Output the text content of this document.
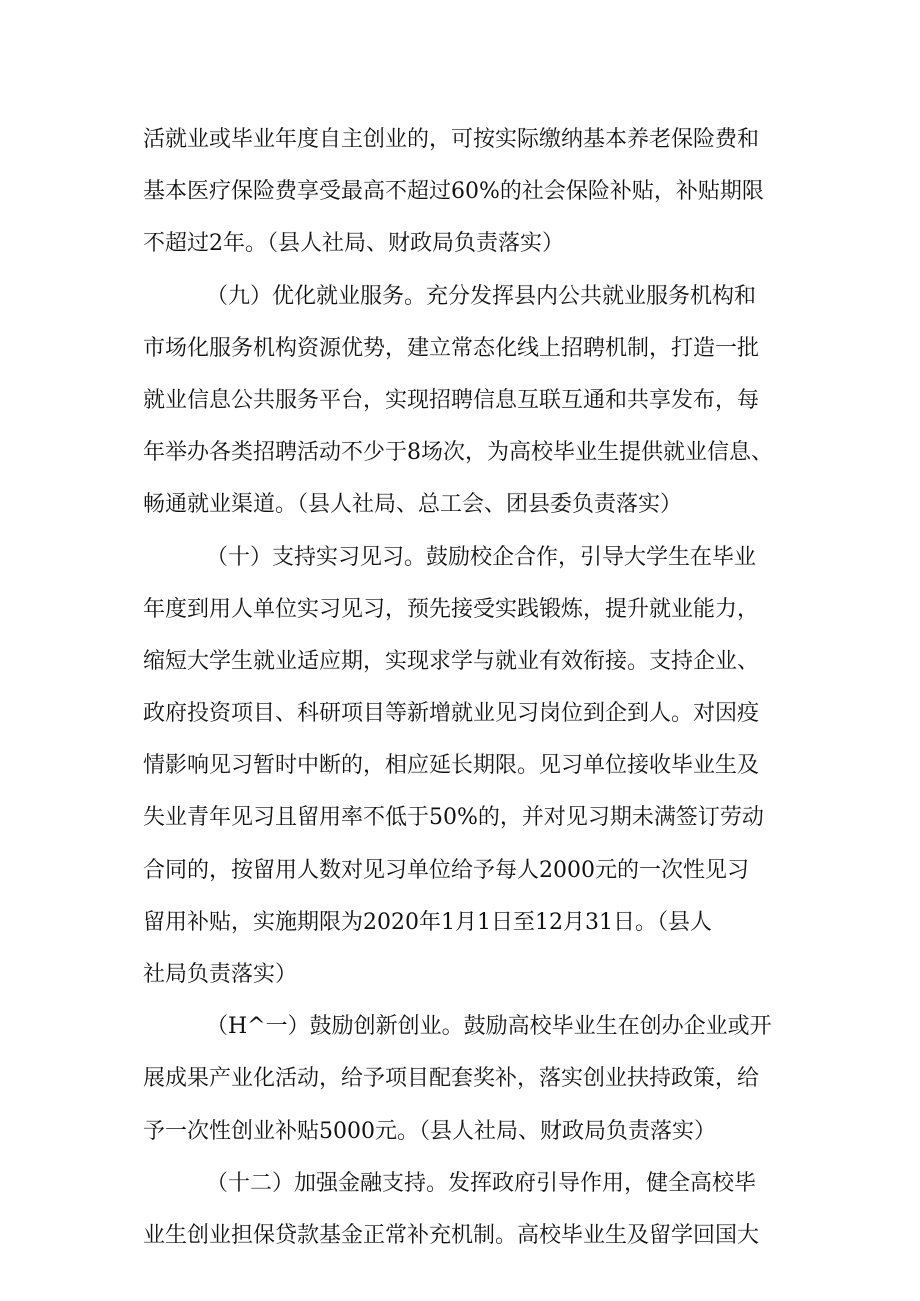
活就业或毕业年度自主创业的，可按实际缴纳基本养老保险费和
基本医疗保险费享受最高不超过60%的社会保险补贴，补贴期限
不超过2年。（县人社局、财政局负责落实）
（九）优化就业服务。充分发挥县内公共就业服务机构和
市场化服务机构资源优势，建立常态化线上招聘机制，打造一批
就业信息公共服务平台，实现招聘信息互联互通和共享发布，每
年举办各类招聘活动不少于8场次，为高校毕业生提供就业信息、
畅通就业渠道。（县人社局、总工会、团县委负责落实）
（十）支持实习见习。鼓励校企合作，引导大学生在毕业
年度到用人单位实习见习，预先接受实践锻炼，提升就业能力，
缩短大学生就业适应期，实现求学与就业有效衔接。支持企业、
政府投资项目、科研项目等新增就业见习岗位到企到人。对因疫
情影响见习暂时中断的，相应延长期限。见习单位接收毕业生及
失业青年见习且留用率不低于50%的，并对见习期未满签订劳动
合同的，按留用人数对见习单位给予每人2000元的一次性见习
留用补贴，实施期限为2020年1月1日至12月31日。（县人
社局负责落实）
（H^一）鼓励创新创业。鼓励高校毕业生在创办企业或开
展成果产业化活动，给予项目配套奖补，落实创业扶持政策，给
予一次性创业补贴5000元。（县人社局、财政局负责落实）
（十二）加强金融支持。发挥政府引导作用，健全高校毕
业生创业担保贷款基金正常补充机制。高校毕业生及留学回国大
